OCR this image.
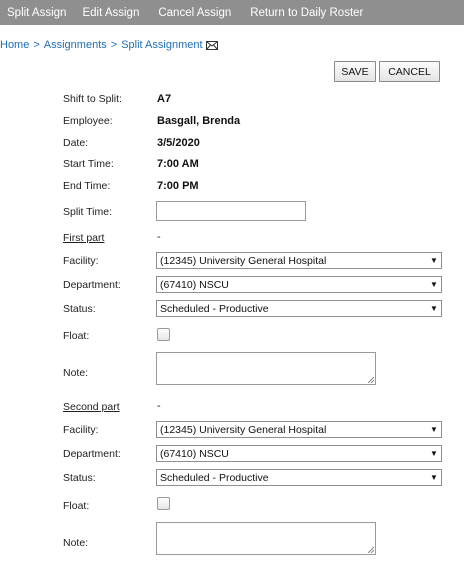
Split Assign	Edit Assign	Cancel Assign	Return to Daily Roster
Home > Assignments > Split Assignment
SAVE	CANCEL
Shift to Split:	A7
Employee:	Basgall, Brenda
Date:	3/5/2020
Start Time:	7:00 AM
End Time:	7:00 PM
Split Time:
First part	-
Facility:	(12345) University General Hospital	▼
Department:	(67410) NSCU	▼
Status:	Scheduled - Productive	▼
Float:
Note:
Second part	-
Facility:	(12345) University General Hospital	▼
Department:	(67410) NSCU	▼
Status:	Scheduled - Productive	▼
Float:
Note:
